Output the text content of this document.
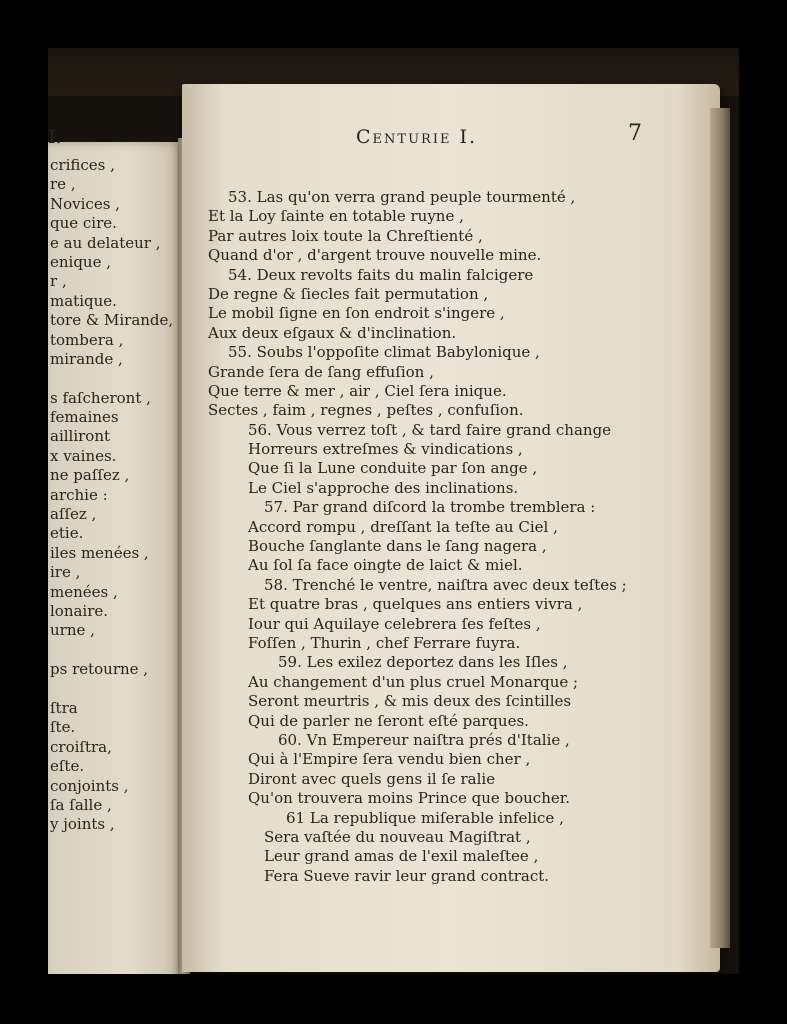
I.
crifices ,
re ,
Novices ,
que cire.
e au delateur ,
enique ,
r ,
matique.
tore & Mirande,
tombera ,
mirande ,
s faſcheront ,
femaines
ailliront
x vaines.
ne paſſez ,
archie :
aſſez ,
etie.
iles menées ,
ire ,
menées ,
lonaire.
urne ,
ps retourne ,
ſtra
ſte.
croiſtra,
eſte.
conjoints ,
ſa ſalle ,
y joints ,
Centurie I.	7
53. Las qu'on verra grand peuple tourmenté ,
Et la Loy ſainte en totable ruyne ,
Par autres loix toute la Chreſtienté ,
Quand d'or , d'argent trouve nouvelle mine.
54. Deux revolts faits du malin falcigere
De regne & ſiecles fait permutation ,
Le mobil ſigne en ſon endroit s'ingere ,
Aux deux eſgaux & d'inclination.
55. Soubs l'oppoſite climat Babylonique ,
Grande ſera de ſang effuſion ,
Que terre & mer , air , Ciel ſera inique.
Sectes , faim , regnes , peſtes , confuſion.
56. Vous verrez toſt , & tard faire grand change
Horreurs extreſmes & vindications ,
Que ſi la Lune conduite par ſon ange ,
Le Ciel s'approche des inclinations.
57. Par grand diſcord la trombe tremblera :
Accord rompu , dreſſant la teſte au Ciel ,
Bouche ſanglante dans le ſang nagera ,
Au ſol ſa face oingte de laict & miel.
58. Trenché le ventre, naiſtra avec deux teſtes ;
Et quatre bras , quelques ans entiers vivra ,
Iour qui Aquilaye celebrera ſes feſtes ,
Foſſen , Thurin , chef Ferrare fuyra.
59. Les exilez deportez dans les Iſles ,
Au changement d'un plus cruel Monarque ;
Seront meurtris , & mis deux des ſcintilles
Qui de parler ne ſeront eſté parques.
60. Vn Empereur naiſtra prés d'Italie ,
Qui à l'Empire ſera vendu bien cher ,
Diront avec quels gens il ſe ralie
Qu'on trouvera moins Prince que boucher.
61 La republique miſerable infelice ,
Sera vaſtée du nouveau Magiſtrat ,
Leur grand amas de l'exil maleſtee ,
Fera Sueve ravir leur grand contract.
